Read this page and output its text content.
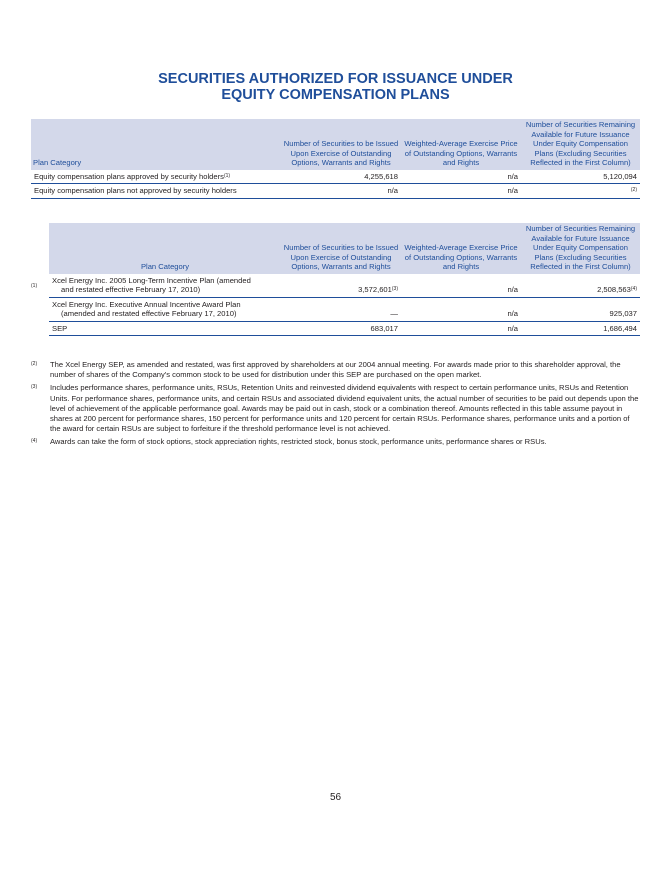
SECURITIES AUTHORIZED FOR ISSUANCE UNDER
EQUITY COMPENSATION PLANS
Plan Category	Number of Securities to be Issued Upon Exercise of Outstanding Options, Warrants and Rights	Weighted-Average Exercise Price of Outstanding Options, Warrants and Rights	Number of Securities Remaining Available for Future Issuance Under Equity Compensation Plans (Excluding Securities Reflected in the First Column)
Equity compensation plans approved by security holders$^{(1)}$	4,255,618	n/a	5,120,094
Equity compensation plans not approved by security holders	n/a	n/a	$^{(2)}$
(1)
Plan Category	Number of Securities to be Issued Upon Exercise of Outstanding Options, Warrants and Rights	Weighted-Average Exercise Price of Outstanding Options, Warrants and Rights	Number of Securities Remaining Available for Future Issuance Under Equity Compensation Plans (Excluding Securities Reflected in the First Column)

Xcel Energy Inc. 2005 Long-Term Incentive Plan (amended
and restated effective February 17, 2010)	3,572,601$^{(3)}$	n/a	2,508,563$^{(4)}$

Xcel Energy Inc. Executive Annual Incentive Award Plan
(amended and restated effective February 17, 2010)	—	n/a	925,037

SEP	683,017	n/a	1,686,494
(2)	The Xcel Energy SEP, as amended and restated, was first approved by shareholders at our 2004 annual meeting. For awards made prior to this shareholder approval, the number of shares of the Company's common stock to be used for distribution under this SEP are purchased on the open market.
(3)	Includes performance shares, performance units, RSUs, Retention Units and reinvested dividend equivalents with respect to certain performance units, RSUs and Retention Units. For performance shares, performance units, and certain RSUs and associated dividend equivalent units, the actual number of securities to be paid out depends upon the level of achievement of the applicable performance goal. Awards may be paid out in cash, stock or a combination thereof. Amounts reflected in this table assume payout in shares at 200 percent for performance shares, 150 percent for performance units and 120 percent for certain RSUs. Performance shares, performance units and a portion of the award for certain RSUs are subject to forfeiture if the threshold performance level is not achieved.
(4)	Awards can take the form of stock options, stock appreciation rights, restricted stock, bonus stock, performance units, performance shares or RSUs.
56
